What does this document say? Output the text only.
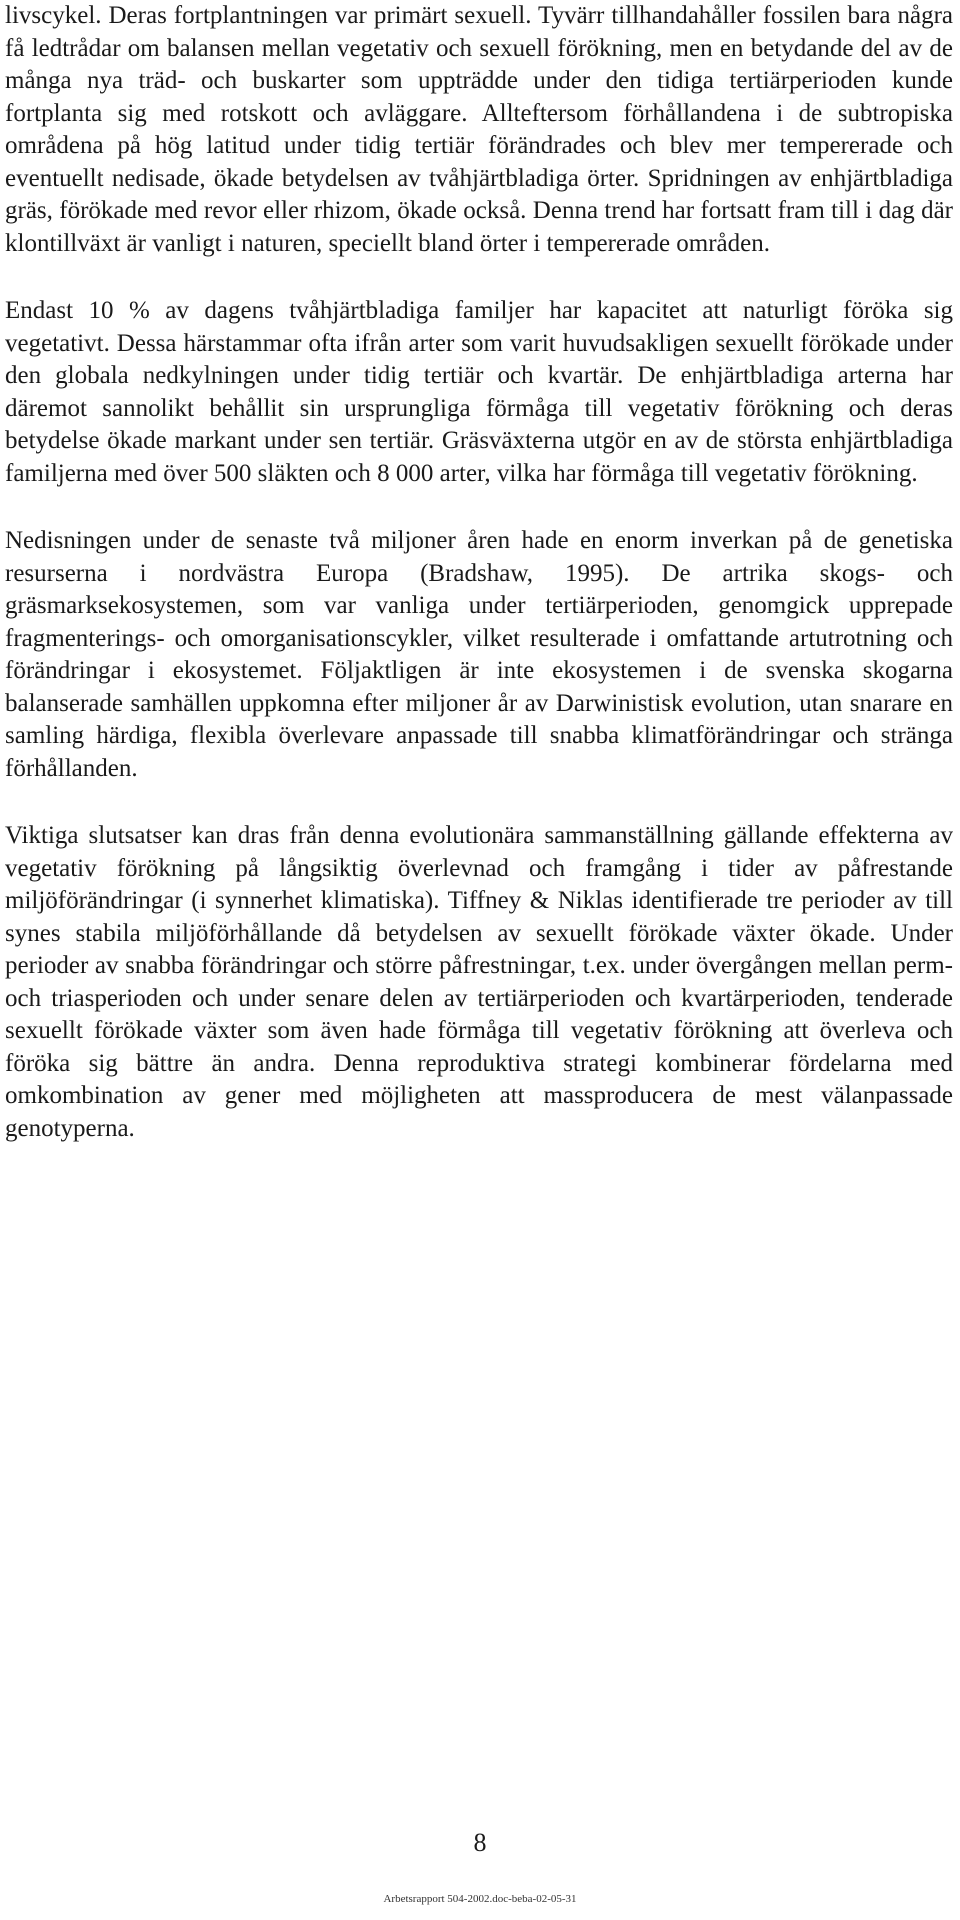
livscykel. Deras fortplantningen var primärt sexuell. Tyvärr tillhandahåller fossilen bara några få ledtrådar om balansen mellan vegetativ och sexuell förökning, men en betydande del av de många nya träd- och buskarter som uppträdde under den tidiga tertiärperioden kunde fortplanta sig med rotskott och avläggare. Allteftersom förhållandena i de subtropiska områdena på hög latitud under tidig tertiär förändrades och blev mer tempererade och eventuellt nedisade, ökade betydelsen av tvåhjärtbladiga örter. Spridningen av enhjärtbladiga gräs, förökade med revor eller rhizom, ökade också. Denna trend har fortsatt fram till i dag där klontillväxt är vanligt i naturen, speciellt bland örter i tempererade områden.

Endast 10 % av dagens tvåhjärtbladiga familjer har kapacitet att naturligt föröka sig vegetativt. Dessa härstammar ofta ifrån arter som varit huvudsakligen sexuellt förökade under den globala nedkylningen under tidig tertiär och kvartär. De enhjärtbladiga arterna har däremot sannolikt behållit sin ursprungliga förmåga till vegetativ förökning och deras betydelse ökade markant under sen tertiär. Gräsväxterna utgör en av de största enhjärtbladiga familjerna med över 500 släkten och 8 000 arter, vilka har förmåga till vegetativ förökning.

Nedisningen under de senaste två miljoner åren hade en enorm inverkan på de genetiska resurserna i nordvästra Europa (Bradshaw, 1995). De artrika skogs- och gräsmarksekosystemen, som var vanliga under tertiärperioden, genomgick upprepade fragmenterings- och omorganisationscykler, vilket resulterade i omfattande artutrotning och förändringar i ekosystemet. Följaktligen är inte ekosystemen i de svenska skogarna balanserade samhällen uppkomna efter miljoner år av Darwinistisk evolution, utan snarare en samling härdiga, flexibla överlevare anpassade till snabba klimatförändringar och stränga förhållanden.

Viktiga slutsatser kan dras från denna evolutionära sammanställning gällande effekterna av vegetativ förökning på långsiktig överlevnad och framgång i tider av påfrestande miljöförändringar (i synnerhet klimatiska). Tiffney & Niklas identifierade tre perioder av till synes stabila miljöförhållande då betydelsen av sexuellt förökade växter ökade. Under perioder av snabba förändringar och större påfrestningar, t.ex. under övergången mellan perm- och triasperioden och under senare delen av tertiärperioden och kvartärperioden, tenderade sexuellt förökade växter som även hade förmåga till vegetativ förökning att överleva och föröka sig bättre än andra. Denna reproduktiva strategi kombinerar fördelarna med omkombination av gener med möjligheten att massproducera de mest välanpassade genotyperna.

8
Arbetsrapport 504-2002.doc-beba-02-05-31
